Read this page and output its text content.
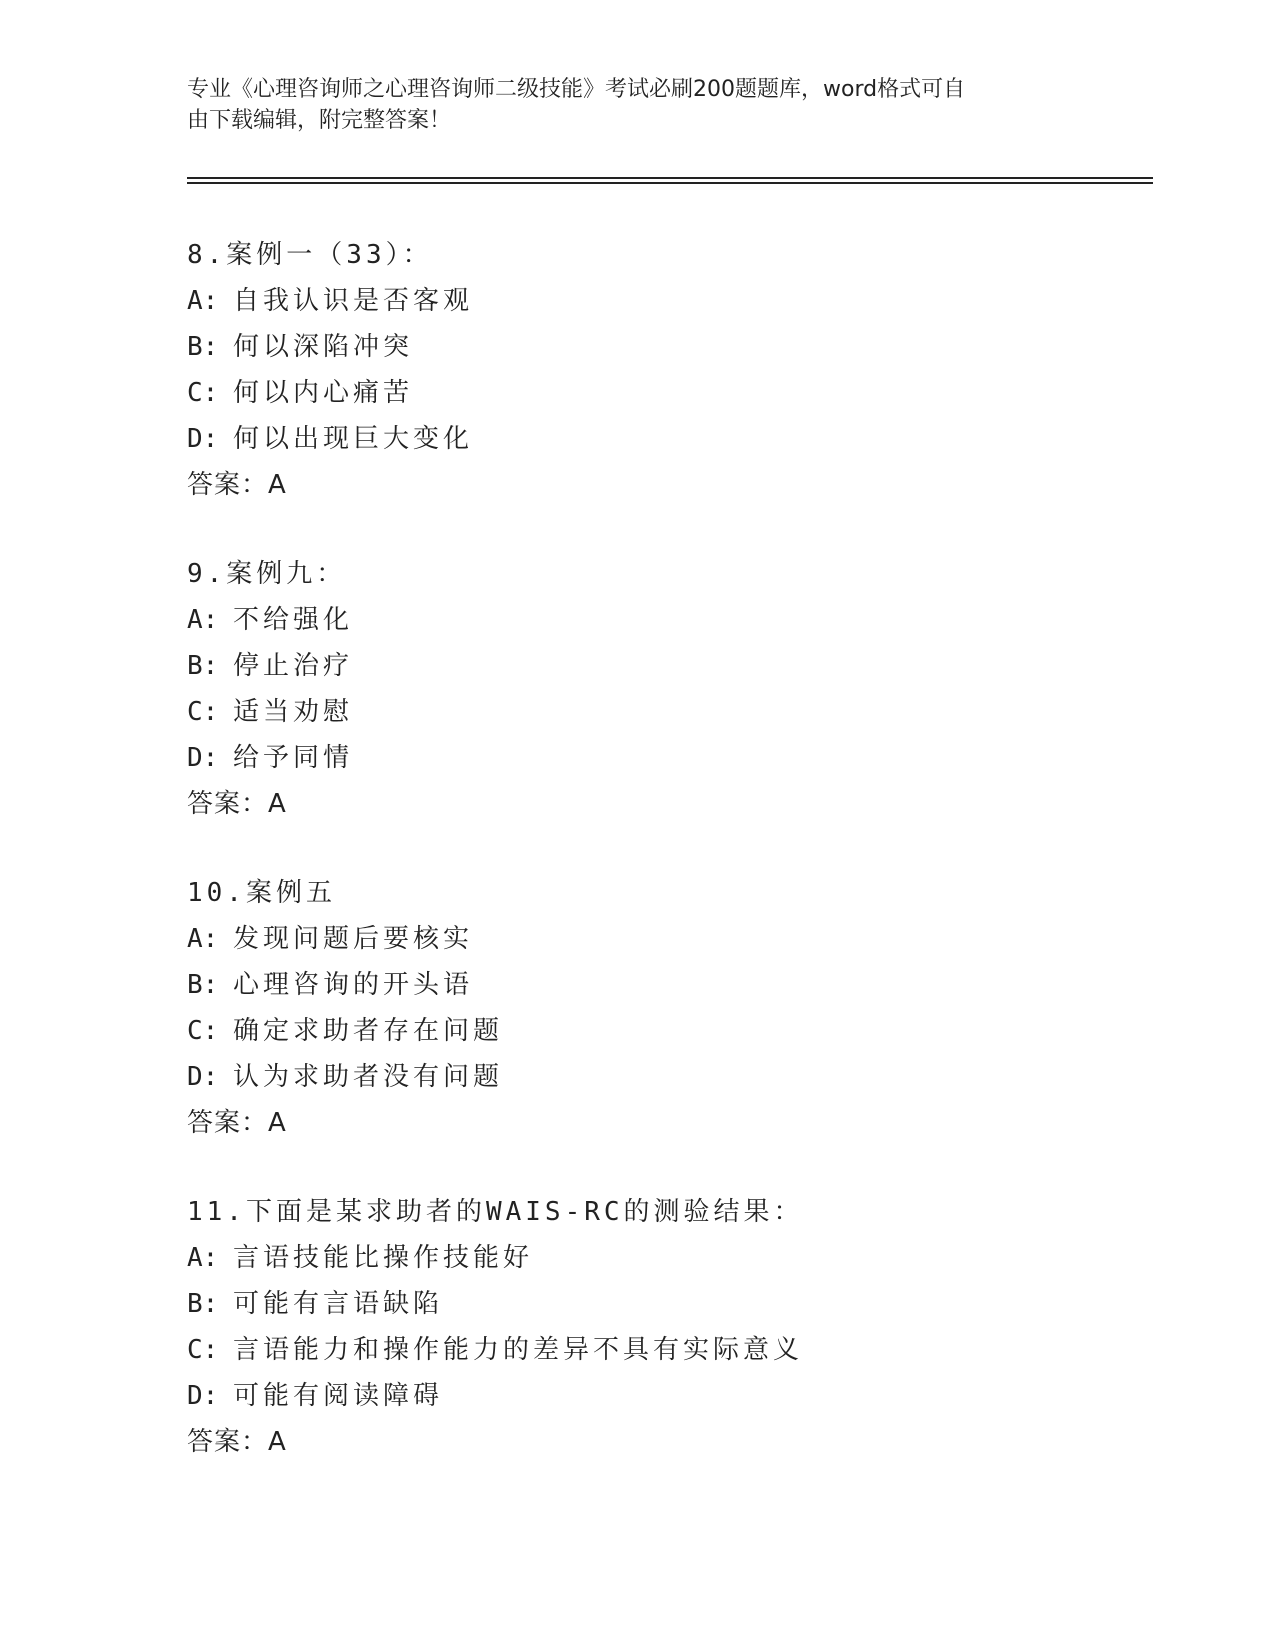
专业《心理咨询师之心理咨询师二级技能》考试必刷200题题库，word格式可自

由下载编辑，附完整答案！

8.案例一（33）：
A: 自我认识是否客观
B: 何以深陷冲突
C: 何以内心痛苦
D: 何以出现巨大变化
答案：A
9.案例九：
A: 不给强化
B: 停止治疗
C: 适当劝慰
D: 给予同情
答案：A
10.案例五
A: 发现问题后要核实
B: 心理咨询的开头语
C: 确定求助者存在问题
D: 认为求助者没有问题
答案：A
11.下面是某求助者的WAIS-RC的测验结果：
A: 言语技能比操作技能好
B: 可能有言语缺陷
C: 言语能力和操作能力的差异不具有实际意义
D: 可能有阅读障碍
答案：A
